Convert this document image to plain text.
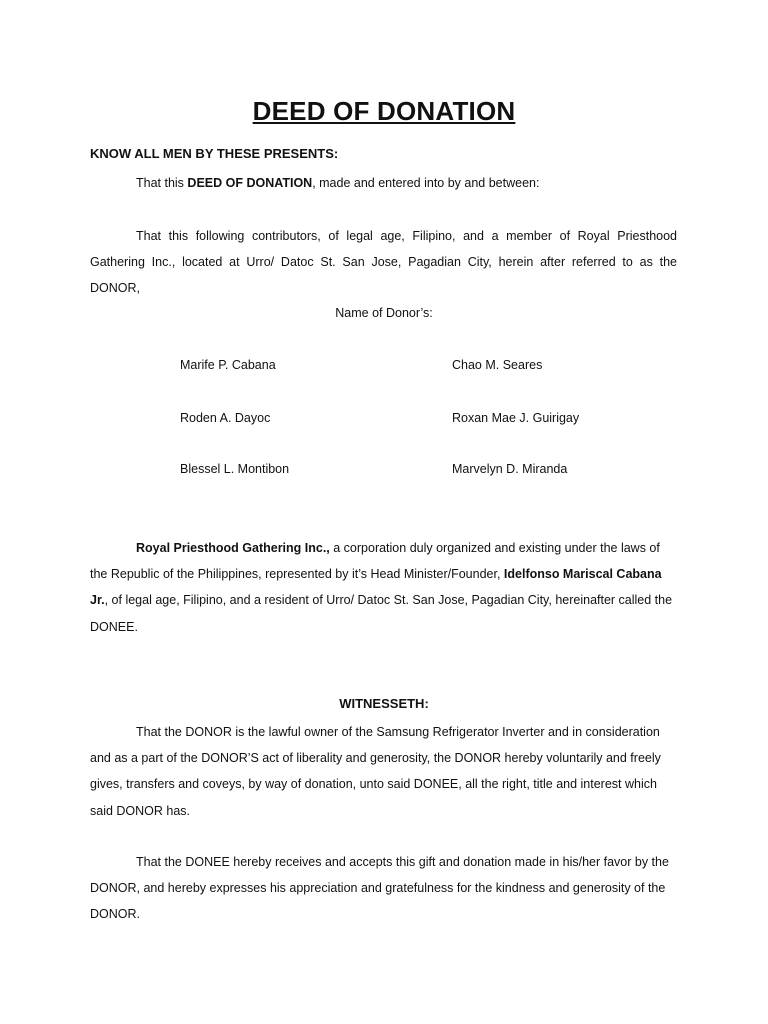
DEED OF DONATION
KNOW ALL MEN BY THESE PRESENTS:

That this DEED OF DONATION, made and entered into by and between:

That this following contributors, of legal age, Filipino, and a member of Royal Priesthood Gathering Inc., located at Urro/ Datoc St. San Jose, Pagadian City, herein after referred to as the DONOR,

Name of Donor’s:
Marife P. Cabana	Chao M. Seares
Roden A. Dayoc	Roxan Mae J. Guirigay
Blessel L. Montibon	Marvelyn D. Miranda

Royal Priesthood Gathering Inc., a corporation duly organized and existing under the laws of the Republic of the Philippines, represented by it’s Head Minister/Founder, Idelfonso Mariscal Cabana Jr., of legal age, Filipino, and a resident of Urro/ Datoc St. San Jose, Pagadian City, hereinafter called the DONEE.

WITNESSETH:

That the DONOR is the lawful owner of the Samsung Refrigerator Inverter and in consideration and as a part of the DONOR’S act of liberality and generosity, the DONOR hereby voluntarily and freely gives, transfers and coveys, by way of donation, unto said DONEE, all the right, title and interest which said DONOR has.

That the DONEE hereby receives and accepts this gift and donation made in his/her favor by the DONOR, and hereby expresses his appreciation and gratefulness for the kindness and generosity of the DONOR.
